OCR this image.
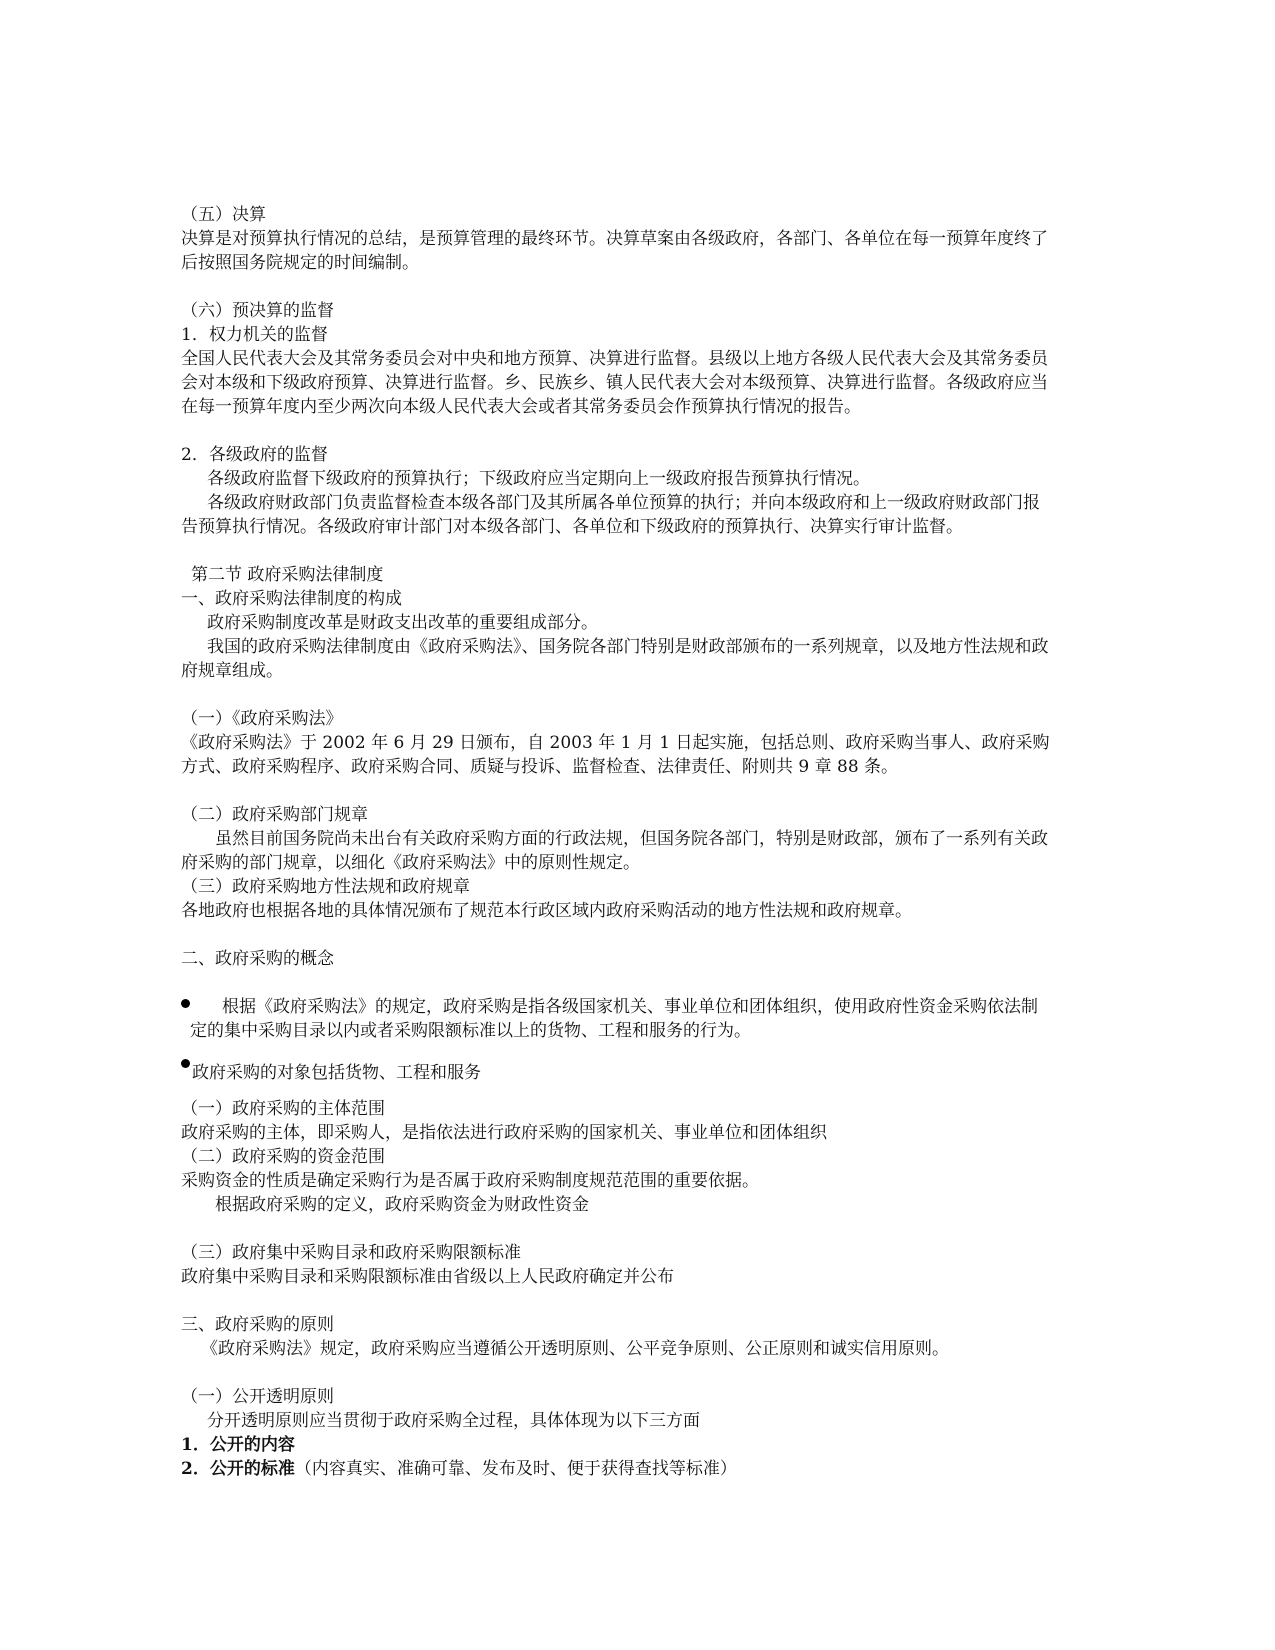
（五）决算

决算是对预算执行情况的总结，是预算管理的最终环节。决算草案由各级政府，各部门、各单位在每一预算年度终了后按照国务院规定的时间编制。

（六）预决算的监督

1．权力机关的监督

全国人民代表大会及其常务委员会对中央和地方预算、决算进行监督。县级以上地方各级人民代表大会及其常务委员会对本级和下级政府预算、决算进行监督。乡、民族乡、镇人民代表大会对本级预算、决算进行监督。各级政府应当在每一预算年度内至少两次向本级人民代表大会或者其常务委员会作预算执行情况的报告。

2．各级政府的监督

各级政府监督下级政府的预算执行；下级政府应当定期向上一级政府报告预算执行情况。

各级政府财政部门负责监督检查本级各部门及其所属各单位预算的执行；并向本级政府和上一级政府财政部门报告预算执行情况。各级政府审计部门对本级各部门、各单位和下级政府的预算执行、决算实行审计监督。

第二节 政府采购法律制度

一、政府采购法律制度的构成

政府采购制度改革是财政支出改革的重要组成部分。

我国的政府采购法律制度由《政府采购法》、国务院各部门特别是财政部颁布的一系列规章，以及地方性法规和政府规章组成。

（一）《政府采购法》

《政府采购法》于 2002 年 6 月 29 日颁布，自 2003 年 1 月 1 日起实施，包括总则、政府采购当事人、政府采购方式、政府采购程序、政府采购合同、质疑与投诉、监督检查、法律责任、附则共 9 章 88 条。

（二）政府采购部门规章

虽然目前国务院尚未出台有关政府采购方面的行政法规，但国务院各部门，特别是财政部，颁布了一系列有关政府采购的部门规章，以细化《政府采购法》中的原则性规定。

（三）政府采购地方性法规和政府规章

各地政府也根据各地的具体情况颁布了规范本行政区域内政府采购活动的地方性法规和政府规章。

二、政府采购的概念

根据《政府采购法》的规定，政府采购是指各级国家机关、事业单位和团体组织，使用政府性资金采购依法制定的集中采购目录以内或者采购限额标准以上的货物、工程和服务的行为。

政府采购的对象包括货物、工程和服务

（一）政府采购的主体范围

政府采购的主体，即采购人，是指依法进行政府采购的国家机关、事业单位和团体组织

（二）政府采购的资金范围

采购资金的性质是确定采购行为是否属于政府采购制度规范范围的重要依据。

根据政府采购的定义，政府采购资金为财政性资金

（三）政府集中采购目录和政府采购限额标准

政府集中采购目录和采购限额标准由省级以上人民政府确定并公布

三、政府采购的原则

《政府采购法》规定，政府采购应当遵循公开透明原则、公平竞争原则、公正原则和诚实信用原则。

（一）公开透明原则

分开透明原则应当贯彻于政府采购全过程，具体体现为以下三方面

1．公开的内容

2．公开的标准（内容真实、准确可靠、发布及时、便于获得查找等标准）
